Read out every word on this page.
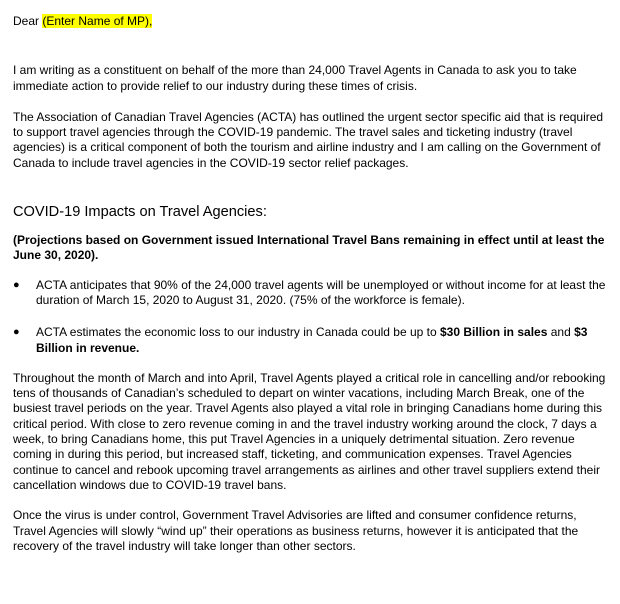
Dear (Enter Name of MP),

I am writing as a constituent on behalf of the more than 24,000 Travel Agents in Canada to ask you to take immediate action to provide relief to our industry during these times of crisis.

The Association of Canadian Travel Agencies (ACTA) has outlined the urgent sector specific aid that is required to support travel agencies through the COVID-19 pandemic. The travel sales and ticketing industry (travel agencies) is a critical component of both the tourism and airline industry and I am calling on the Government of Canada to include travel agencies in the COVID-19 sector relief packages.

COVID-19 Impacts on Travel Agencies:

(Projections based on Government issued International Travel Bans remaining in effect until at least the June 30, 2020).

● ACTA anticipates that 90% of the 24,000 travel agents will be unemployed or without income for at least the duration of March 15, 2020 to August 31, 2020. (75% of the workforce is female).
● ACTA estimates the economic loss to our industry in Canada could be up to $30 Billion in sales and $3 Billion in revenue.

Throughout the month of March and into April, Travel Agents played a critical role in cancelling and/or rebooking tens of thousands of Canadian’s scheduled to depart on winter vacations, including March Break, one of the busiest travel periods on the year. Travel Agents also played a vital role in bringing Canadians home during this critical period. With close to zero revenue coming in and the travel industry working around the clock, 7 days a week, to bring Canadians home, this put Travel Agencies in a uniquely detrimental situation. Zero revenue coming in during this period, but increased staff, ticketing, and communication expenses. Travel Agencies continue to cancel and rebook upcoming travel arrangements as airlines and other travel suppliers extend their cancellation windows due to COVID-19 travel bans.

Once the virus is under control, Government Travel Advisories are lifted and consumer confidence returns, Travel Agencies will slowly “wind up” their operations as business returns, however it is anticipated that the recovery of the travel industry will take longer than other sectors.
